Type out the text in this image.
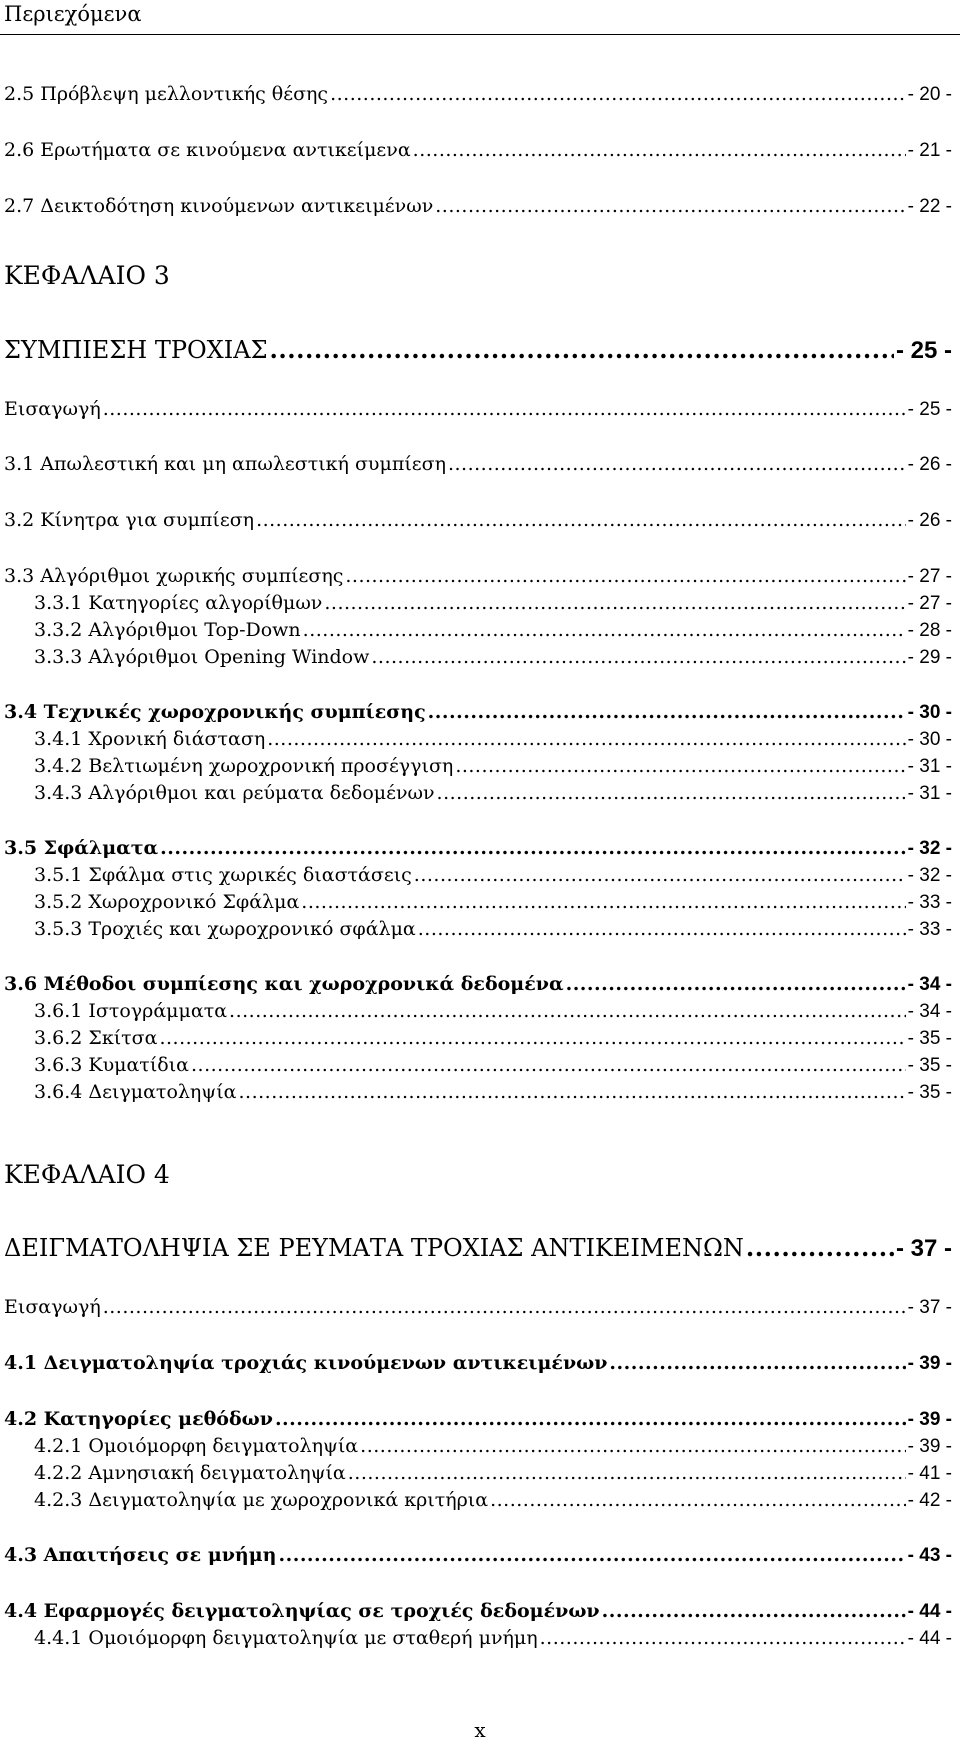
Περιεχόμενα
2.5 Πρόβλεψη μελλοντικής θέσης .....	- 20 -
2.6 Ερωτήματα σε κινούμενα αντικείμενα .....	- 21 -
2.7 Δεικτοδότηση κινούμενων αντικειμένων .....	- 22 -
ΚΕΦΑΛΑΙΟ 3
ΣΥΜΠΙΕΣΗ ΤΡΟΧΙΑΣ .....	- 25 -
Εισαγωγή .....	- 25 -
3.1 Απωλεστική και μη απωλεστική συμπίεση .....	- 26 -
3.2 Κίνητρα για συμπίεση .....	- 26 -
3.3 Αλγόριθμοι χωρικής συμπίεσης .....	- 27 -
3.3.1 Κατηγορίες αλγορίθμων .....	- 27 -
3.3.2 Αλγόριθμοι Top-Down .....	- 28 -
3.3.3 Αλγόριθμοι Opening Window .....	- 29 -
3.4 Τεχνικές χωροχρονικής συμπίεσης .....	- 30 -
3.4.1 Χρονική διάσταση .....	- 30 -
3.4.2 Βελτιωμένη χωροχρονική προσέγγιση .....	- 31 -
3.4.3 Αλγόριθμοι και ρεύματα δεδομένων .....	- 31 -
3.5 Σφάλματα .....	- 32 -
3.5.1 Σφάλμα στις χωρικές διαστάσεις .....	- 32 -
3.5.2 Χωροχρονικό Σφάλμα .....	- 33 -
3.5.3 Τροχιές και χωροχρονικό σφάλμα .....	- 33 -
3.6 Μέθοδοι συμπίεσης και χωροχρονικά δεδομένα .....	- 34 -
3.6.1 Ιστογράμματα .....	- 34 -
3.6.2 Σκίτσα .....	- 35 -
3.6.3 Κυματίδια .....	- 35 -
3.6.4 Δειγματοληψία .....	- 35 -
ΚΕΦΑΛΑΙΟ 4
ΔΕΙΓΜΑΤΟΛΗΨΙΑ ΣΕ ΡΕΥΜΑΤΑ ΤΡΟΧΙΑΣ ΑΝΤΙΚΕΙΜΕΝΩΝ .....	- 37 -
Εισαγωγή .....	- 37 -
4.1 Δειγματοληψία τροχιάς κινούμενων αντικειμένων .....	- 39 -
4.2 Κατηγορίες μεθόδων .....	- 39 -
4.2.1 Ομοιόμορφη δειγματοληψία .....	- 39 -
4.2.2 Αμνησιακή δειγματοληψία .....	- 41 -
4.2.3 Δειγματοληψία με χωροχρονικά κριτήρια .....	- 42 -
4.3 Απαιτήσεις σε μνήμη .....	- 43 -
4.4 Εφαρμογές δειγματοληψίας σε τροχιές δεδομένων .....	- 44 -
4.4.1 Ομοιόμορφη δειγματοληψία με σταθερή μνήμη .....	- 44 -
x
